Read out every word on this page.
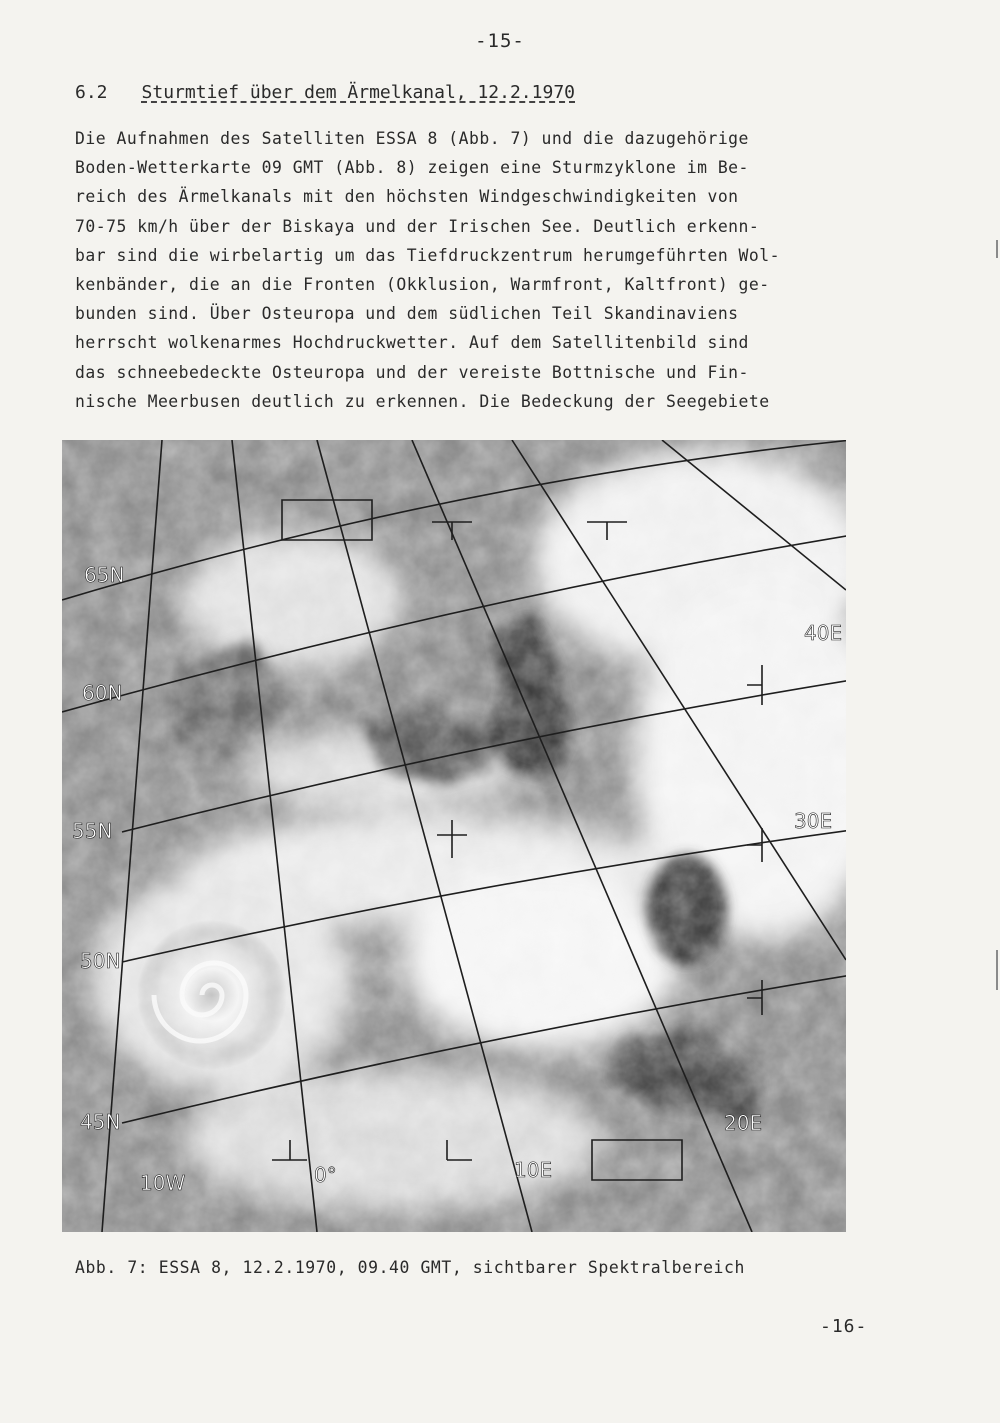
-15-
6.2 Sturmtief über dem Ärmelkanal, 12.2.1970
Die Aufnahmen des Satelliten ESSA 8 (Abb. 7) und die dazugehörige
Boden-Wetterkarte 09 GMT (Abb. 8) zeigen eine Sturmzyklone im Be-
reich des Ärmelkanals mit den höchsten Windgeschwindigkeiten von
70-75 km/h über der Biskaya und der Irischen See. Deutlich erkenn-
bar sind die wirbelartig um das Tiefdruckzentrum herumgeführten Wol-
kenbänder, die an die Fronten (Okklusion, Warmfront, Kaltfront) ge-
bunden sind. Über Osteuropa und dem südlichen Teil Skandinaviens
herrscht wolkenarmes Hochdruckwetter. Auf dem Satellitenbild sind
das schneebedeckte Osteuropa und der vereiste Bottnische und Fin-
nische Meerbusen deutlich zu erkennen. Die Bedeckung der Seegebiete
65N
60N
55N
50N
45N
10W	0°	10E
20E
30E
40E
Abb. 7: ESSA 8, 12.2.1970, 09.40 GMT, sichtbarer Spektralbereich
-16-
